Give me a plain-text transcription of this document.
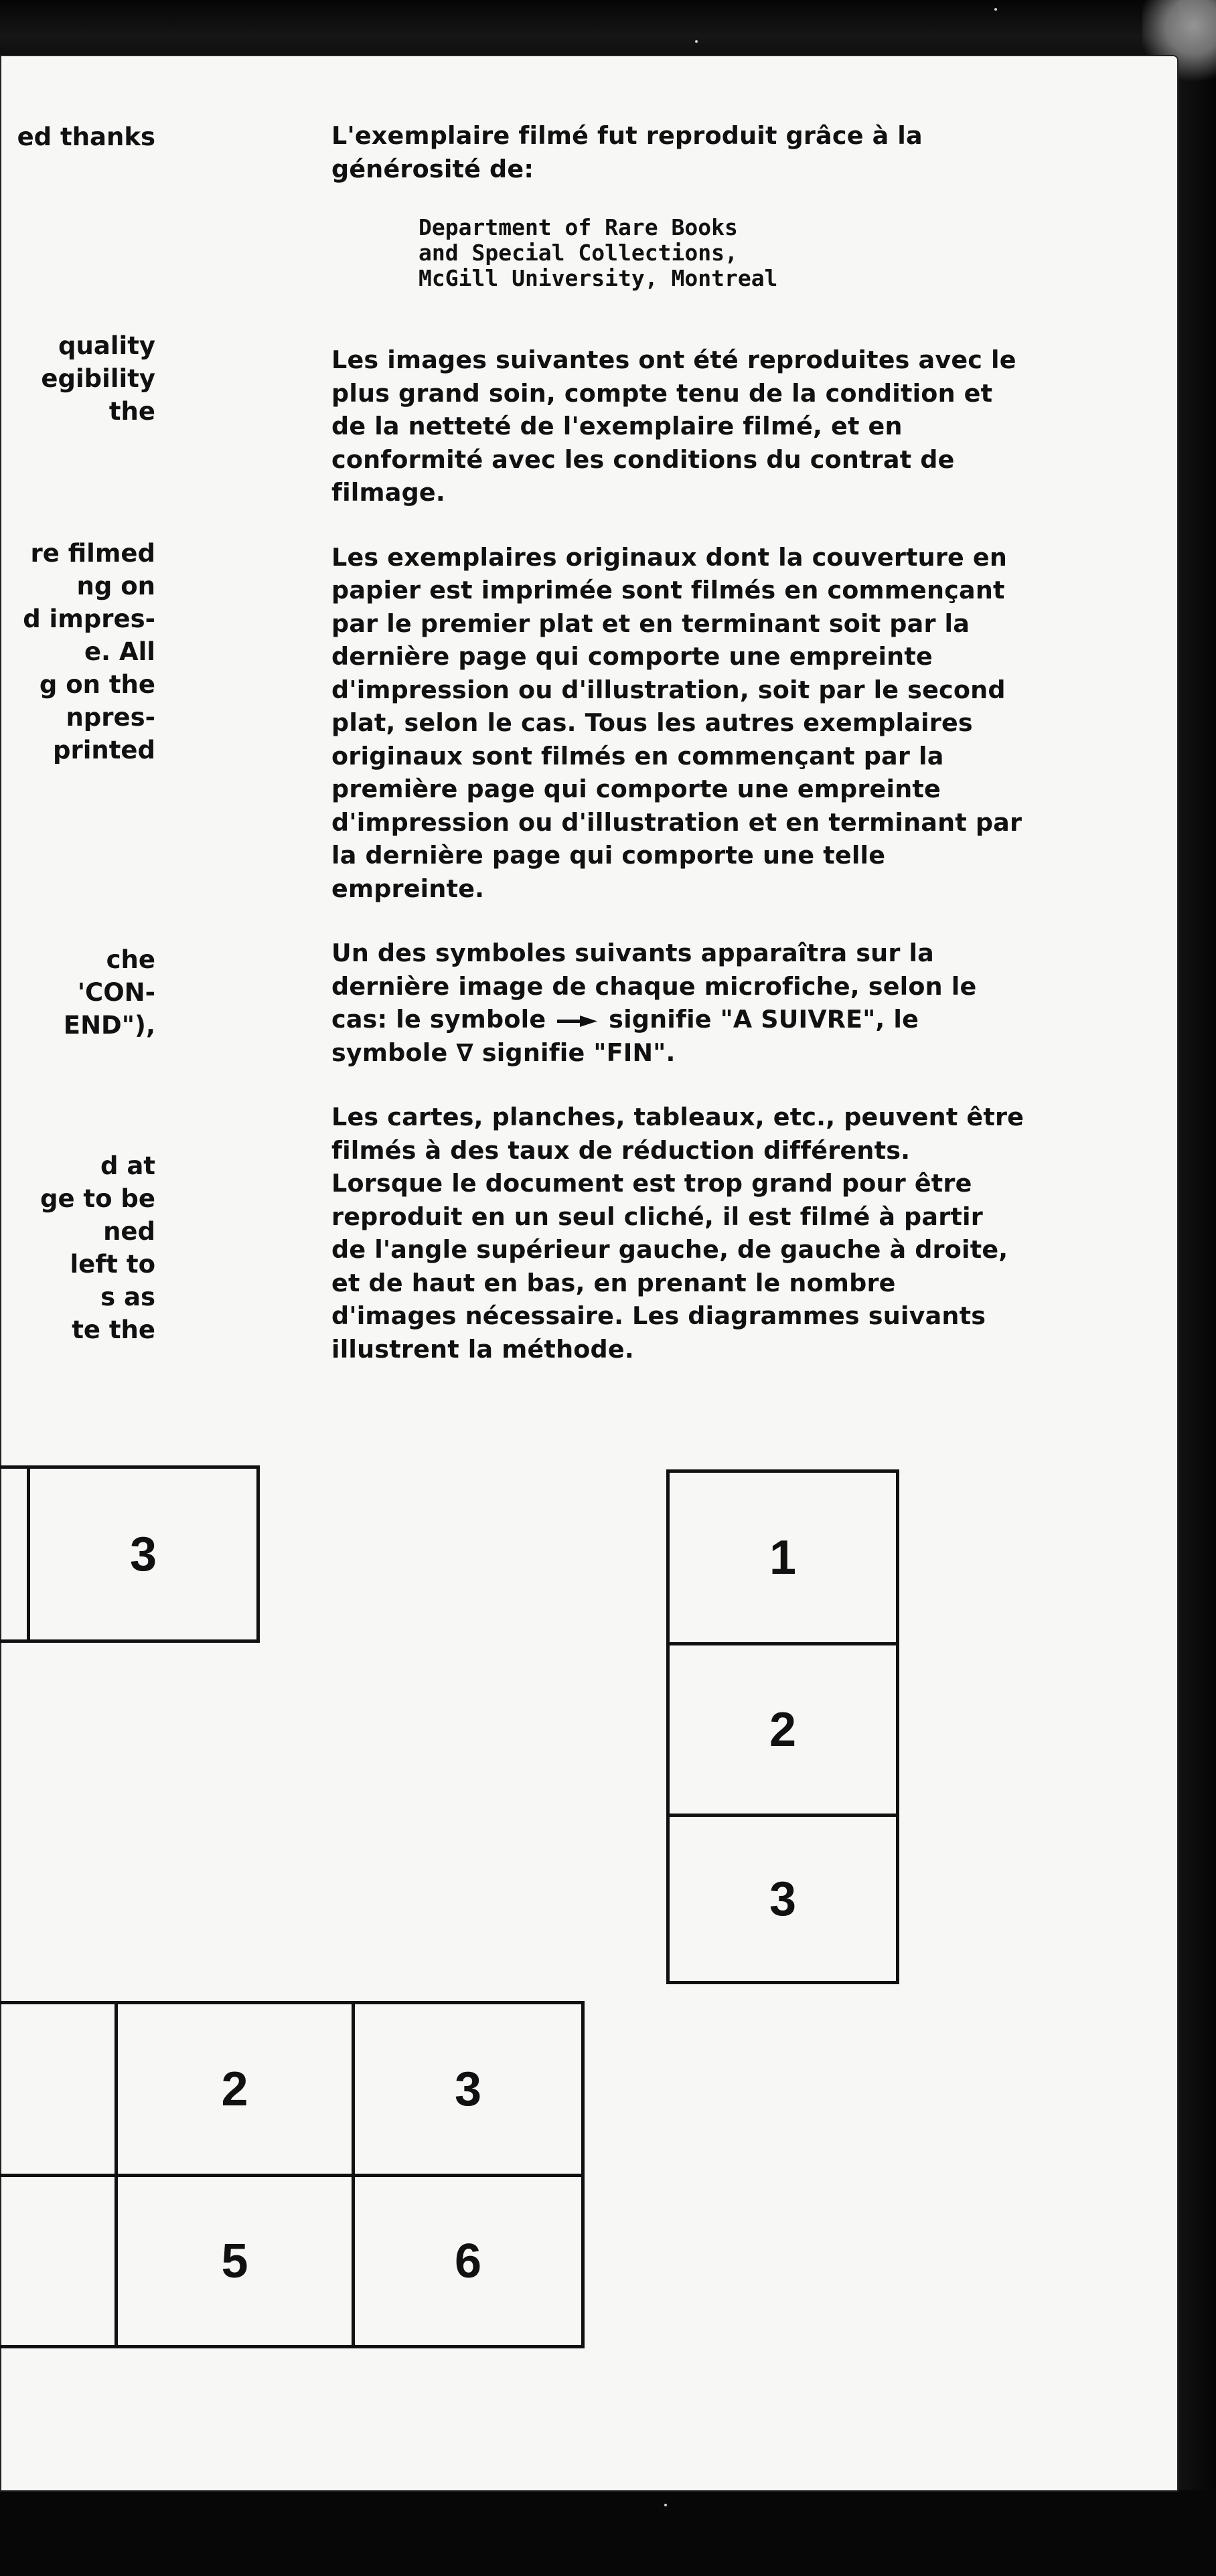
ed thanks
quality
egibility
the
re filmed
ng on
d impres-
e. All
g on the
npres-
printed
che
'CON-
END"),
d at
ge to be
ned
left to
s as
te the

L'exemplaire filmé fut reproduit grâce à la
générosité de:

Department of Rare Books
and Special Collections,
McGill University, Montreal

Les images suivantes ont été reproduites avec le
plus grand soin, compte tenu de la condition et
de la netteté de l'exemplaire filmé, et en
conformité avec les conditions du contrat de
filmage.

Les exemplaires originaux dont la couverture en
papier est imprimée sont filmés en commençant
par le premier plat et en terminant soit par la
dernière page qui comporte une empreinte
d'impression ou d'illustration, soit par le second
plat, selon le cas. Tous les autres exemplaires
originaux sont filmés en commençant par la
première page qui comporte une empreinte
d'impression ou d'illustration et en terminant par
la dernière page qui comporte une telle
empreinte.

Un des symboles suivants apparaîtra sur la
dernière image de chaque microfiche, selon le
cas: le symbole	signifie "A SUIVRE", le
symbole ∇ signifie "FIN".

Les cartes, planches, tableaux, etc., peuvent être
filmés à des taux de réduction différents.
Lorsque le document est trop grand pour être
reproduit en un seul cliché, il est filmé à partir
de l'angle supérieur gauche, de gauche à droite,
et de haut en bas, en prenant le nombre
d'images nécessaire. Les diagrammes suivants
illustrent la méthode.

3	1
2
3
2	3
5	6
